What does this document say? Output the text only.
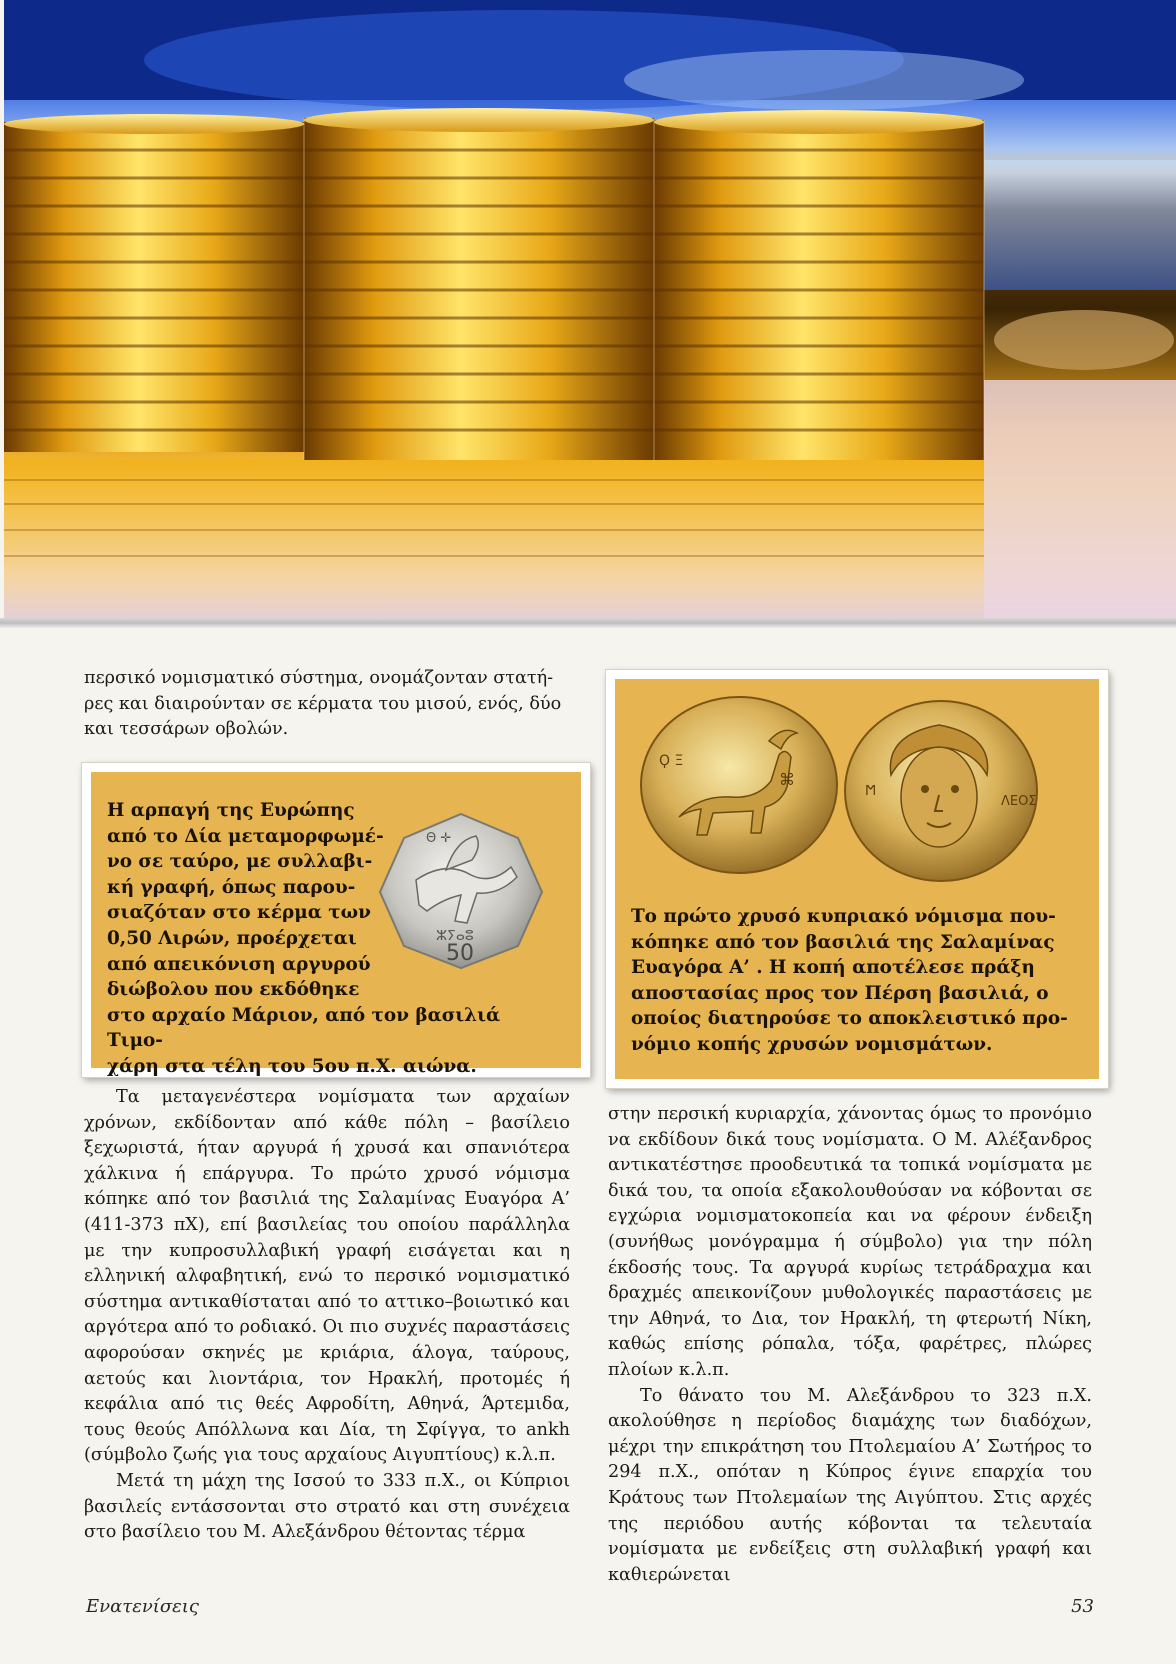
περσικό νομισματικό σύστημα, ονομάζονταν στατή-
ρες και διαιρούνταν σε κέρματα του μισού, ενός, δύο
και τεσσάρων οβολών.

Θ ✛
ⵣⵢⴰⵓ
50
Η αρπαγή της Ευρώπης
από το Δία μεταμορφωμέ-
νο σε ταύρο, με συλλαβι-
κή γραφή, όπως παρου-
σιαζόταν στο κέρμα των
0,50 Λιρών, προέρχεται
από απεικόνιση αργυρού
διώβολου που εκδόθηκε
στο αρχαίο Μάριον, από τον βασιλιά Τιμο-
χάρη στα τέλη του 5ου π.Χ. αιώνα.
Ϙ Ξ
⌘
Ϻ
ΛΕΟΣ
Το πρώτο χρυσό κυπριακό νόμισμα που-
κόπηκε από τον βασιλιά της Σαλαμίνας
Ευαγόρα Α’ . Η κοπή αποτέλεσε πράξη
αποστασίας προς τον Πέρση βασιλιά, ο
οποίος διατηρούσε το αποκλειστικό προ-
νόμιο κοπής χρυσών νομισμάτων.

Τα μεταγενέστερα νομίσματα των αρχαίων χρόνων, εκδίδονταν από κάθε πόλη – βασίλειο ξεχωριστά, ήταν αργυρά ή χρυσά και σπανιότερα χάλκινα ή επάργυρα. Το πρώτο χρυσό νόμισμα κόπηκε από τον βασιλιά της Σαλαμίνας Ευαγόρα Α’ (411-373 πΧ), επί βασιλείας του οποίου παράλληλα με την κυπροσυλλαβική γραφή εισάγεται και η ελληνική αλφαβητική, ενώ το περσικό νομισματικό σύστημα αντικαθίσταται από το αττικο–βοιωτικό και αργότερα από το ροδιακό. Οι πιο συχνές παραστάσεις αφορούσαν σκηνές με κριάρια, άλογα, ταύρους, αετούς και λιοντάρια, τον Ηρακλή, προτομές ή κεφάλια από τις θεές Αφροδίτη, Αθηνά, Άρτεμιδα, τους θεούς Απόλλωνα και Δία, τη Σφίγγα, το ankh (σύμβολο ζωής για τους αρχαίους Αιγυπτίους) κ.λ.π.

Μετά τη μάχη της Ισσού το 333 π.Χ., οι Κύπριοι βασιλείς εντάσσονται στο στρατό και στη συνέχεια στο βασίλειο του Μ. Αλεξάνδρου θέτοντας τέρμα

στην περσική κυριαρχία, χάνοντας όμως το προνόμιο να εκδίδουν δικά τους νομίσματα. Ο Μ. Αλέξανδρος αντικατέστησε προοδευτικά τα τοπικά νομίσματα με δικά του, τα οποία εξακολουθούσαν να κόβονται σε εγχώρια νομισματοκοπεία και να φέρουν ένδειξη (συνήθως μονόγραμμα ή σύμβολο) για την πόλη έκδοσής τους. Τα αργυρά κυρίως τετράδραχμα και δραχμές απεικονίζουν μυθολογικές παραστάσεις με την Αθηνά, το Δια, τον Ηρακλή, τη φτερωτή Νίκη, καθώς επίσης ρόπαλα, τόξα, φαρέτρες, πλώρες πλοίων κ.λ.π.

Το θάνατο του Μ. Αλεξάνδρου το 323 π.Χ. ακολούθησε η περίοδος διαμάχης των διαδόχων, μέχρι την επικράτηση του Πτολεμαίου Α’ Σωτήρος το 294 π.Χ., οπόταν η Κύπρος έγινε επαρχία του Κράτους των Πτολεμαίων της Αιγύπτου. Στις αρχές της περιόδου αυτής κόβονται τα τελευταία νομίσματα με ενδείξεις στη συλλαβική γραφή και καθιερώνεται

Ενατενίσεις	53
